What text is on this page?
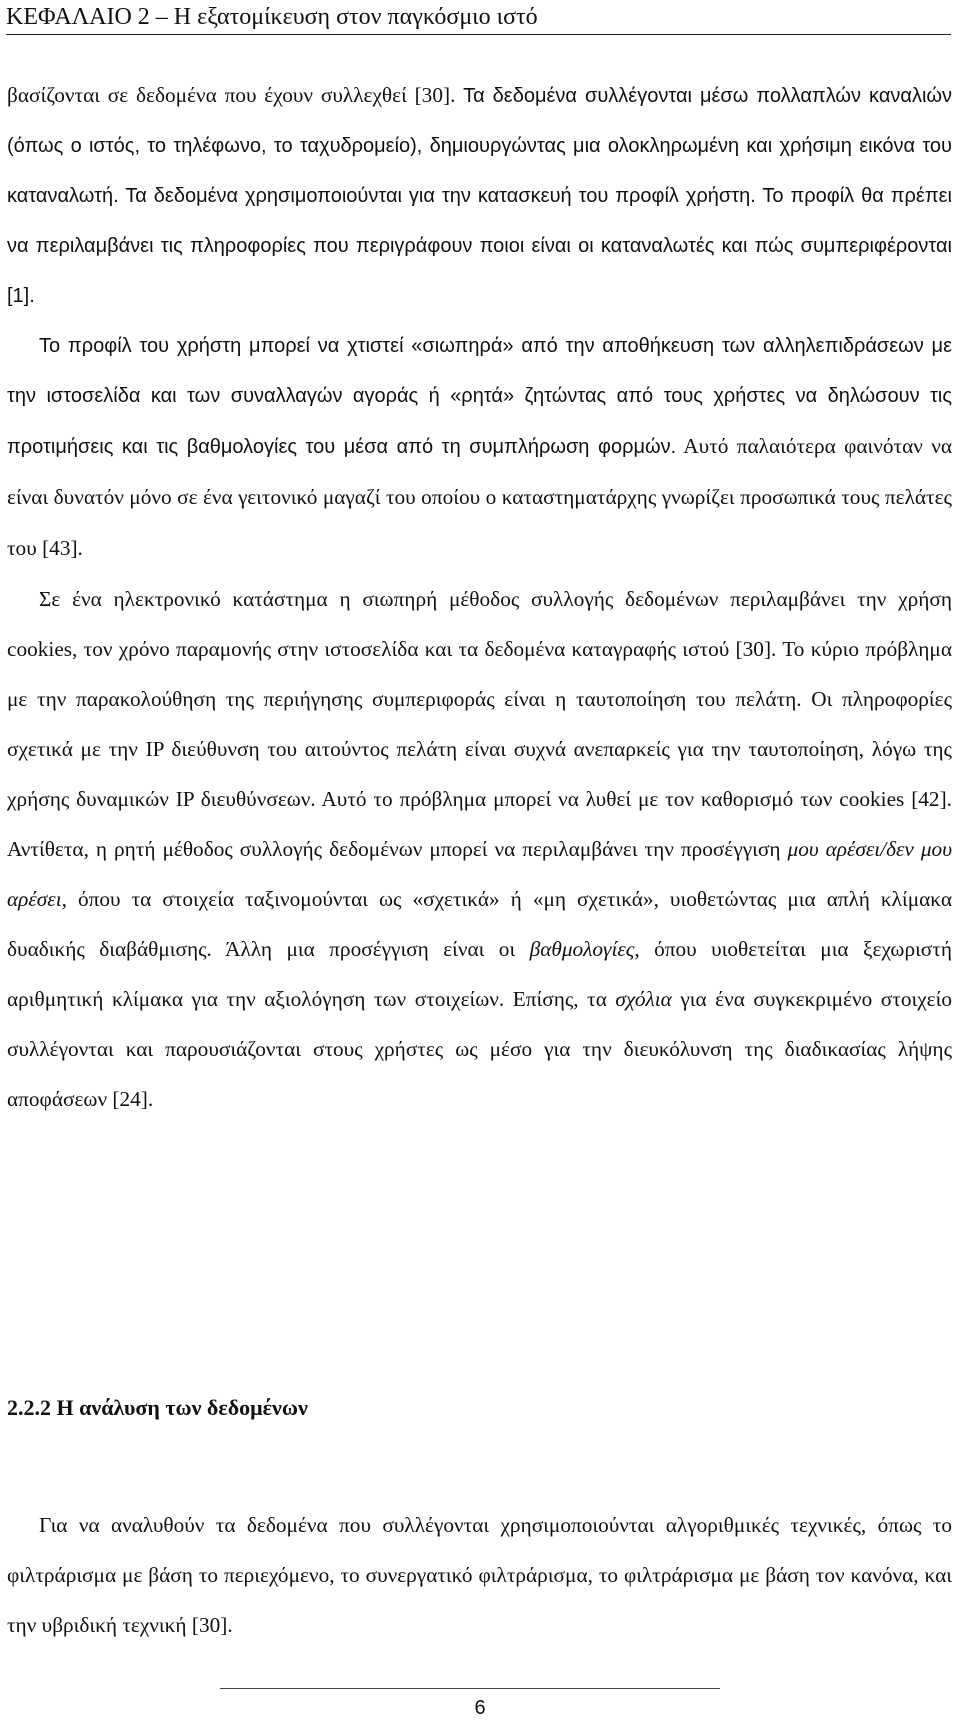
ΚΕΦΑΛΑΙΟ 2 – Η εξατομίκευση στον παγκόσμιο ιστό

βασίζονται σε δεδομένα που έχουν συλλεχθεί [30]. Τα δεδομένα συλλέγονται μέσω πολλαπλών καναλιών (όπως ο ιστός, το τηλέφωνο, το ταχυδρομείο), δημιουργώντας μια ολοκληρωμένη και χρήσιμη εικόνα του καταναλωτή. Τα δεδομένα χρησιμοποιούνται για την κατασκευή του προφίλ χρήστη. Το προφίλ θα πρέπει να περιλαμβάνει τις πληροφορίες που περιγράφουν ποιοι είναι οι καταναλωτές και πώς συμπεριφέρονται [1].

Το προφίλ του χρήστη μπορεί να χτιστεί «σιωπηρά» από την αποθήκευση των αλληλεπιδράσεων με την ιστοσελίδα και των συναλλαγών αγοράς ή «ρητά» ζητώντας από τους χρήστες να δηλώσουν τις προτιμήσεις και τις βαθμολογίες του μέσα από τη συμπλήρωση φορμών. Αυτό παλαιότερα φαινόταν να είναι δυνατόν μόνο σε ένα γειτονικό μαγαζί του οποίου ο καταστηματάρχης γνωρίζει προσωπικά τους πελάτες του [43].

Σε ένα ηλεκτρονικό κατάστημα η σιωπηρή μέθοδος συλλογής δεδομένων περιλαμβάνει την χρήση cookies, τον χρόνο παραμονής στην ιστοσελίδα και τα δεδομένα καταγραφής ιστού [30]. Το κύριο πρόβλημα με την παρακολούθηση της περιήγησης συμπεριφοράς είναι η ταυτοποίηση του πελάτη. Οι πληροφορίες σχετικά με την IP διεύθυνση του αιτούντος πελάτη είναι συχνά ανεπαρκείς για την ταυτοποίηση, λόγω της χρήσης δυναμικών IP διευθύνσεων. Αυτό το πρόβλημα μπορεί να λυθεί με τον καθορισμό των cookies [42]. Αντίθετα, η ρητή μέθοδος συλλογής δεδομένων μπορεί να περιλαμβάνει την προσέγγιση μου αρέσει/δεν μου αρέσει, όπου τα στοιχεία ταξινομούνται ως «σχετικά» ή «μη σχετικά», υιοθετώντας μια απλή κλίμακα δυαδικής διαβάθμισης. Άλλη μια προσέγγιση είναι οι βαθμολογίες, όπου υιοθετείται μια ξεχωριστή αριθμητική κλίμακα για την αξιολόγηση των στοιχείων. Επίσης, τα σχόλια για ένα συγκεκριμένο στοιχείο συλλέγονται και παρουσιάζονται στους χρήστες ως μέσο για την διευκόλυνση της διαδικασίας λήψης αποφάσεων [24].

2.2.2 Η ανάλυση των δεδομένων

Για να αναλυθούν τα δεδομένα που συλλέγονται χρησιμοποιούνται αλγοριθμικές τεχνικές, όπως το φιλτράρισμα με βάση το περιεχόμενο, το συνεργατικό φιλτράρισμα, το φιλτράρισμα με βάση τον κανόνα, και την υβριδική τεχνική [30].

6
